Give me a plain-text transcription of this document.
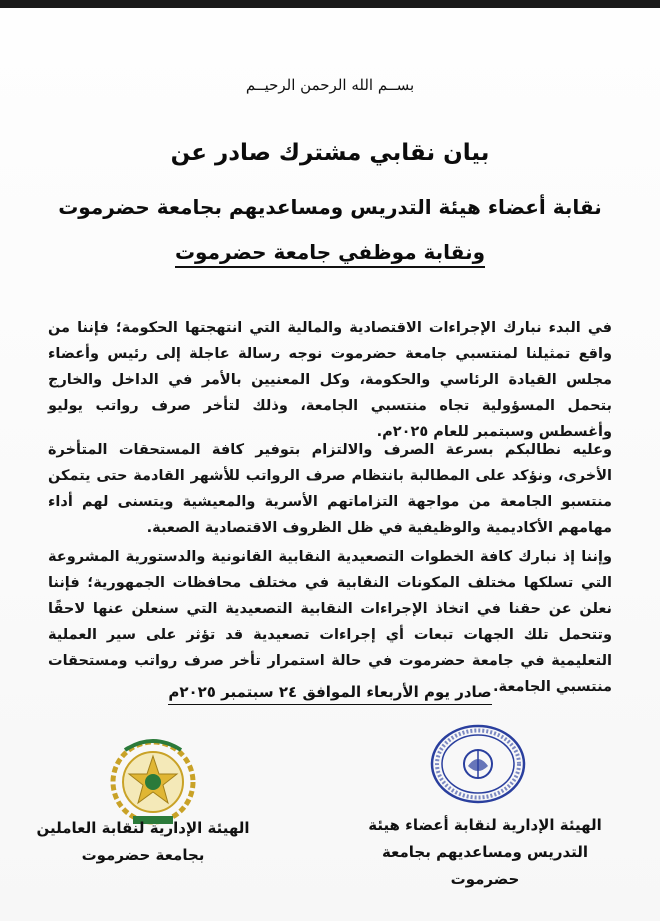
بســم الله الرحمن الرحيــم
بيان نقابي مشترك صادر عن
نقابة أعضاء هيئة التدريس ومساعديهم بجامعة حضرموت
ونقابة موظفي جامعة حضرموت
في البدء نبارك الإجراءات الاقتصادية والمالية التي انتهجتها الحكومة؛ فإننا من واقع تمثيلنا لمنتسبي جامعة حضرموت نوجه رسالة عاجلة إلى رئيس وأعضاء مجلس القيادة الرئاسي والحكومة، وكل المعنيين بالأمر في الداخل والخارج بتحمل المسؤولية تجاه منتسبي الجامعة، وذلك لتأخر صرف رواتب يوليو وأغسطس وسبتمبر للعام ٢٠٢٥م.
وعليه نطالبكم بسرعة الصرف والالتزام بتوفير كافة المستحقات المتأخرة الأخرى، ونؤكد على المطالبة بانتظام صرف الرواتب للأشهر القادمة حتى يتمكن منتسبو الجامعة من مواجهة التزاماتهم الأسرية والمعيشية ويتسنى لهم أداء مهامهم الأكاديمية والوظيفية في ظل الظروف الاقتصادية الصعبة.
وإننا إذ نبارك كافة الخطوات التصعيدية النقابية القانونية والدستورية المشروعة التي تسلكها مختلف المكونات النقابية في مختلف محافظات الجمهورية؛ فإننا نعلن عن حقنا في اتخاذ الإجراءات النقابية التصعيدية التي سنعلن عنها لاحقًا وتتحمل تلك الجهات تبعات أي إجراءات تصعيدية قد تؤثر على سير العملية التعليمية في جامعة حضرموت في حالة استمرار تأخر صرف رواتب ومستحقات منتسبي الجامعة.
صادر يوم الأربعاء الموافق ٢٤ سبتمبر ٢٠٢٥م
الهيئة الإدارية لنقابة العاملين
بجامعة حضرموت
الهيئة الإدارية لنقابة أعضاء هيئة
التدريس ومساعديهم بجامعة
حضرموت
